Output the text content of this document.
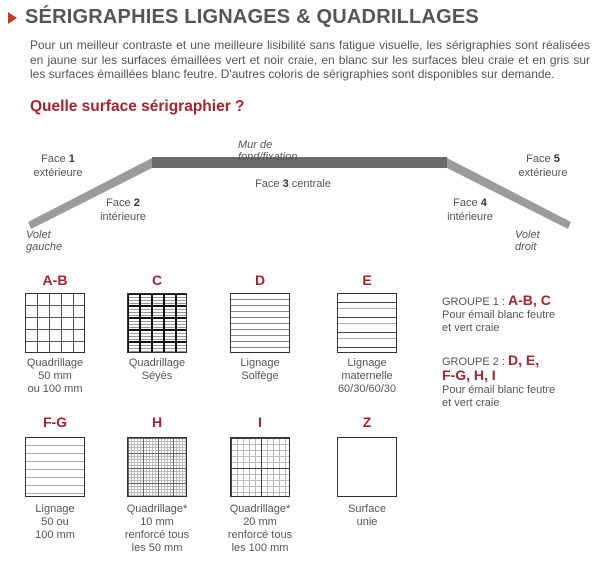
SÉRIGRAPHIES LIGNAGES & QUADRILLAGES
Pour un meilleur contraste et une meilleure lisibilité sans fatigue visuelle, les sérigraphies sont réalisées en jaune sur les surfaces émaillées vert et noir craie, en blanc sur les surfaces bleu craie et en gris sur les surfaces émaillées blanc feutre. D'autres coloris de sérigraphies sont disponibles sur demande.
Quelle surface sérigraphier ?
Mur de fond/fixation
Face 1
extérieure
Face 2
intérieure
Face 3 centrale
Face 4
intérieure
Face 5
extérieure
Volet gauche
Volet droit
A-B	C	D	E
Quadrillage
50 mm
ou 100 mm
Quadrillage
Séyès
Lignage
Solfège
Lignage
maternelle
60/30/60/30
F-G	H	I	Z
Lignage
50 ou
100 mm
Quadrillage*
10 mm
renforcé tous
les 50 mm
Quadrillage*
20 mm
renforcé tous
les 100 mm
Surface
unie
GROUPE 1 : A-B, C
Pour émail blanc feutre
et vert craie
GROUPE 2 : D, E,
F-G, H, I
Pour émail blanc feutre
et vert craie
